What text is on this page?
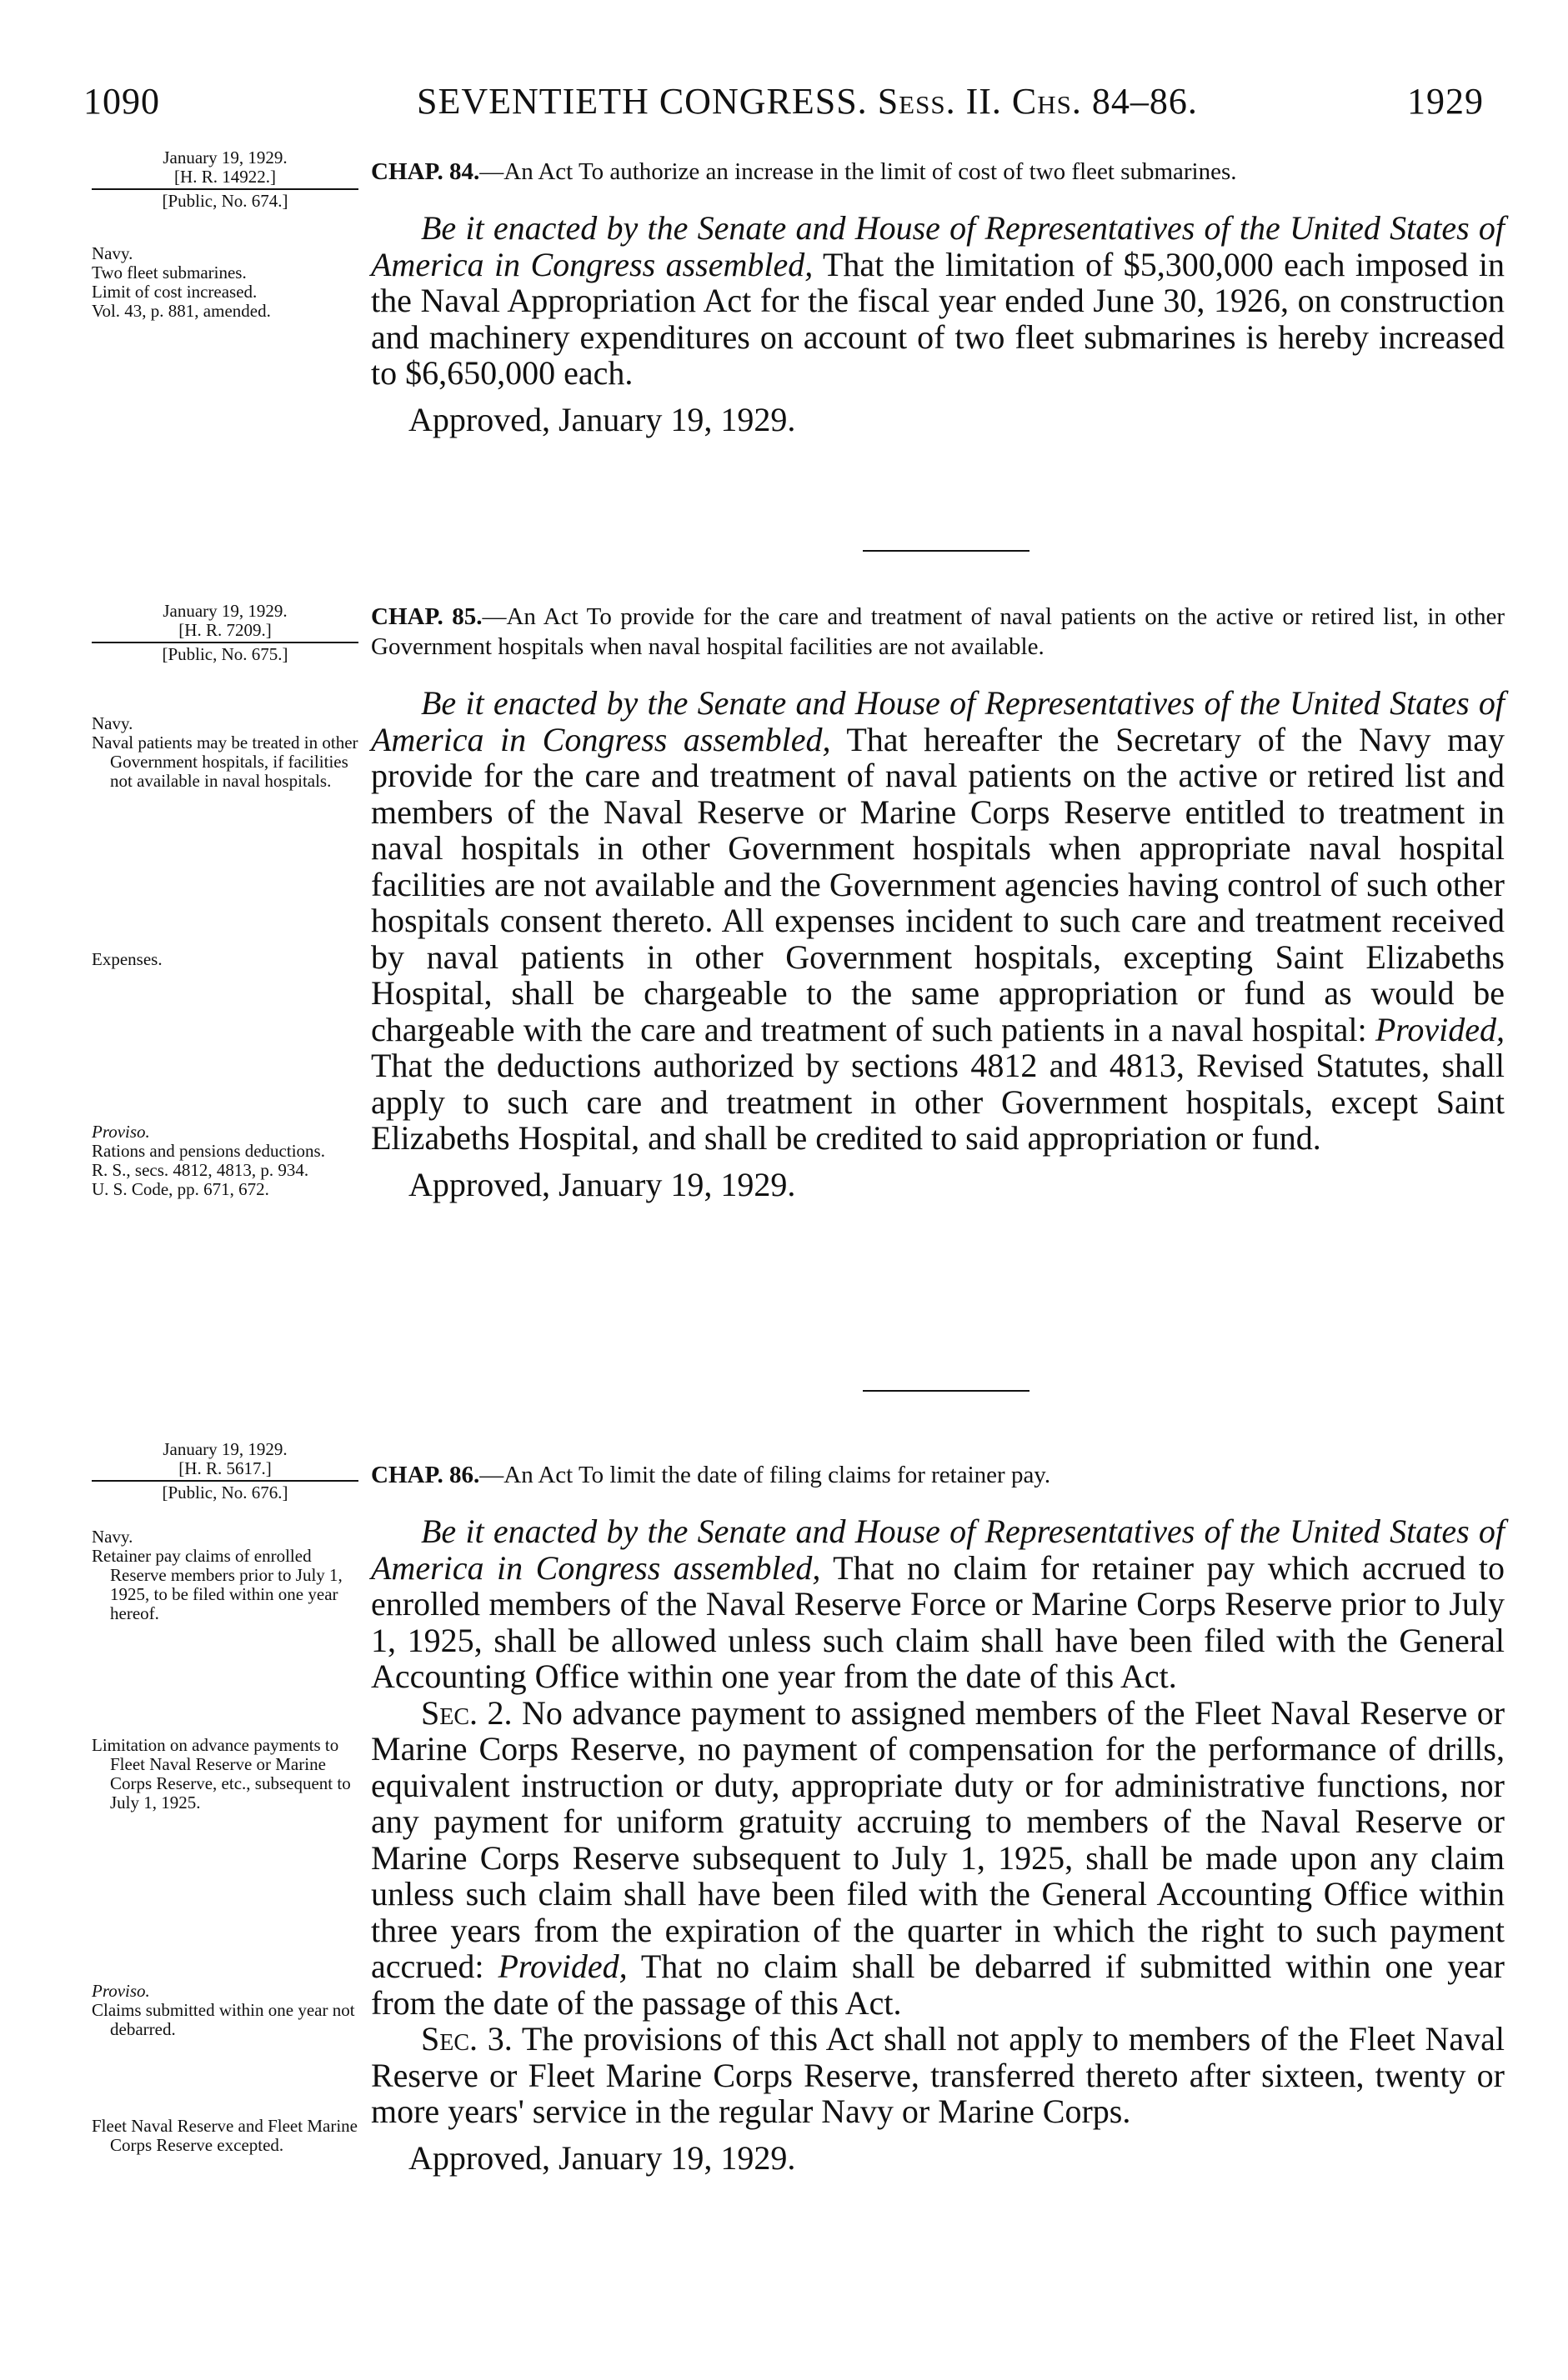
1090	SEVENTIETH CONGRESS. Sess. II. Chs. 84–86.	1929
January 19, 1929.
[H. R. 14922.]
[Public, No. 674.]
Navy.
Two fleet submarines.
Limit of cost increased.
Vol. 43, p. 881, amended.
CHAP. 84.—An Act To authorize an increase in the limit of cost of two fleet submarines.
Be it enacted by the Senate and House of Representatives of the United States of America in Congress assembled, That the limitation of $5,300,000 each imposed in the Naval Appropriation Act for the fiscal year ended June 30, 1926, on construction and machinery expenditures on account of two fleet submarines is hereby increased to $6,650,000 each.
Approved, January 19, 1929.
January 19, 1929.
[H. R. 7209.]
[Public, No. 675.]
Navy.
Naval patients may be treated in other Government hospitals, if facilities not available in naval hospitals.
Expenses.
Proviso.
Rations and pensions deductions.
R. S., secs. 4812, 4813, p. 934.
U. S. Code, pp. 671, 672.
CHAP. 85.—An Act To provide for the care and treatment of naval patients on the active or retired list, in other Government hospitals when naval hospital facilities are not available.
Be it enacted by the Senate and House of Representatives of the United States of America in Congress assembled, That hereafter the Secretary of the Navy may provide for the care and treatment of naval patients on the active or retired list and members of the Naval Reserve or Marine Corps Reserve entitled to treatment in naval hospitals in other Government hospitals when appropriate naval hospital facilities are not available and the Government agencies having control of such other hospitals consent thereto. All expenses incident to such care and treatment received by naval patients in other Government hospitals, excepting Saint Elizabeths Hospital, shall be chargeable to the same appropriation or fund as would be chargeable with the care and treatment of such patients in a naval hospital: Provided, That the deductions authorized by sections 4812 and 4813, Revised Statutes, shall apply to such care and treatment in other Government hospitals, except Saint Elizabeths Hospital, and shall be credited to said appropriation or fund.
Approved, January 19, 1929.
January 19, 1929.
[H. R. 5617.]
[Public, No. 676.]
Navy.
Retainer pay claims of enrolled Reserve members prior to July 1, 1925, to be filed within one year hereof.
Limitation on advance payments to Fleet Naval Reserve or Marine Corps Reserve, etc., subsequent to July 1, 1925.
Proviso.
Claims submitted within one year not debarred.
Fleet Naval Reserve and Fleet Marine Corps Reserve excepted.
CHAP. 86.—An Act To limit the date of filing claims for retainer pay.
Be it enacted by the Senate and House of Representatives of the United States of America in Congress assembled, That no claim for retainer pay which accrued to enrolled members of the Naval Reserve Force or Marine Corps Reserve prior to July 1, 1925, shall be allowed unless such claim shall have been filed with the General Accounting Office within one year from the date of this Act.
Sec. 2. No advance payment to assigned members of the Fleet Naval Reserve or Marine Corps Reserve, no payment of compensation for the performance of drills, equivalent instruction or duty, appropriate duty or for administrative functions, nor any payment for uniform gratuity accruing to members of the Naval Reserve or Marine Corps Reserve subsequent to July 1, 1925, shall be made upon any claim unless such claim shall have been filed with the General Accounting Office within three years from the expiration of the quarter in which the right to such payment accrued: Provided, That no claim shall be debarred if submitted within one year from the date of the passage of this Act.
Sec. 3. The provisions of this Act shall not apply to members of the Fleet Naval Reserve or Fleet Marine Corps Reserve, transferred thereto after sixteen, twenty or more years' service in the regular Navy or Marine Corps.
Approved, January 19, 1929.
